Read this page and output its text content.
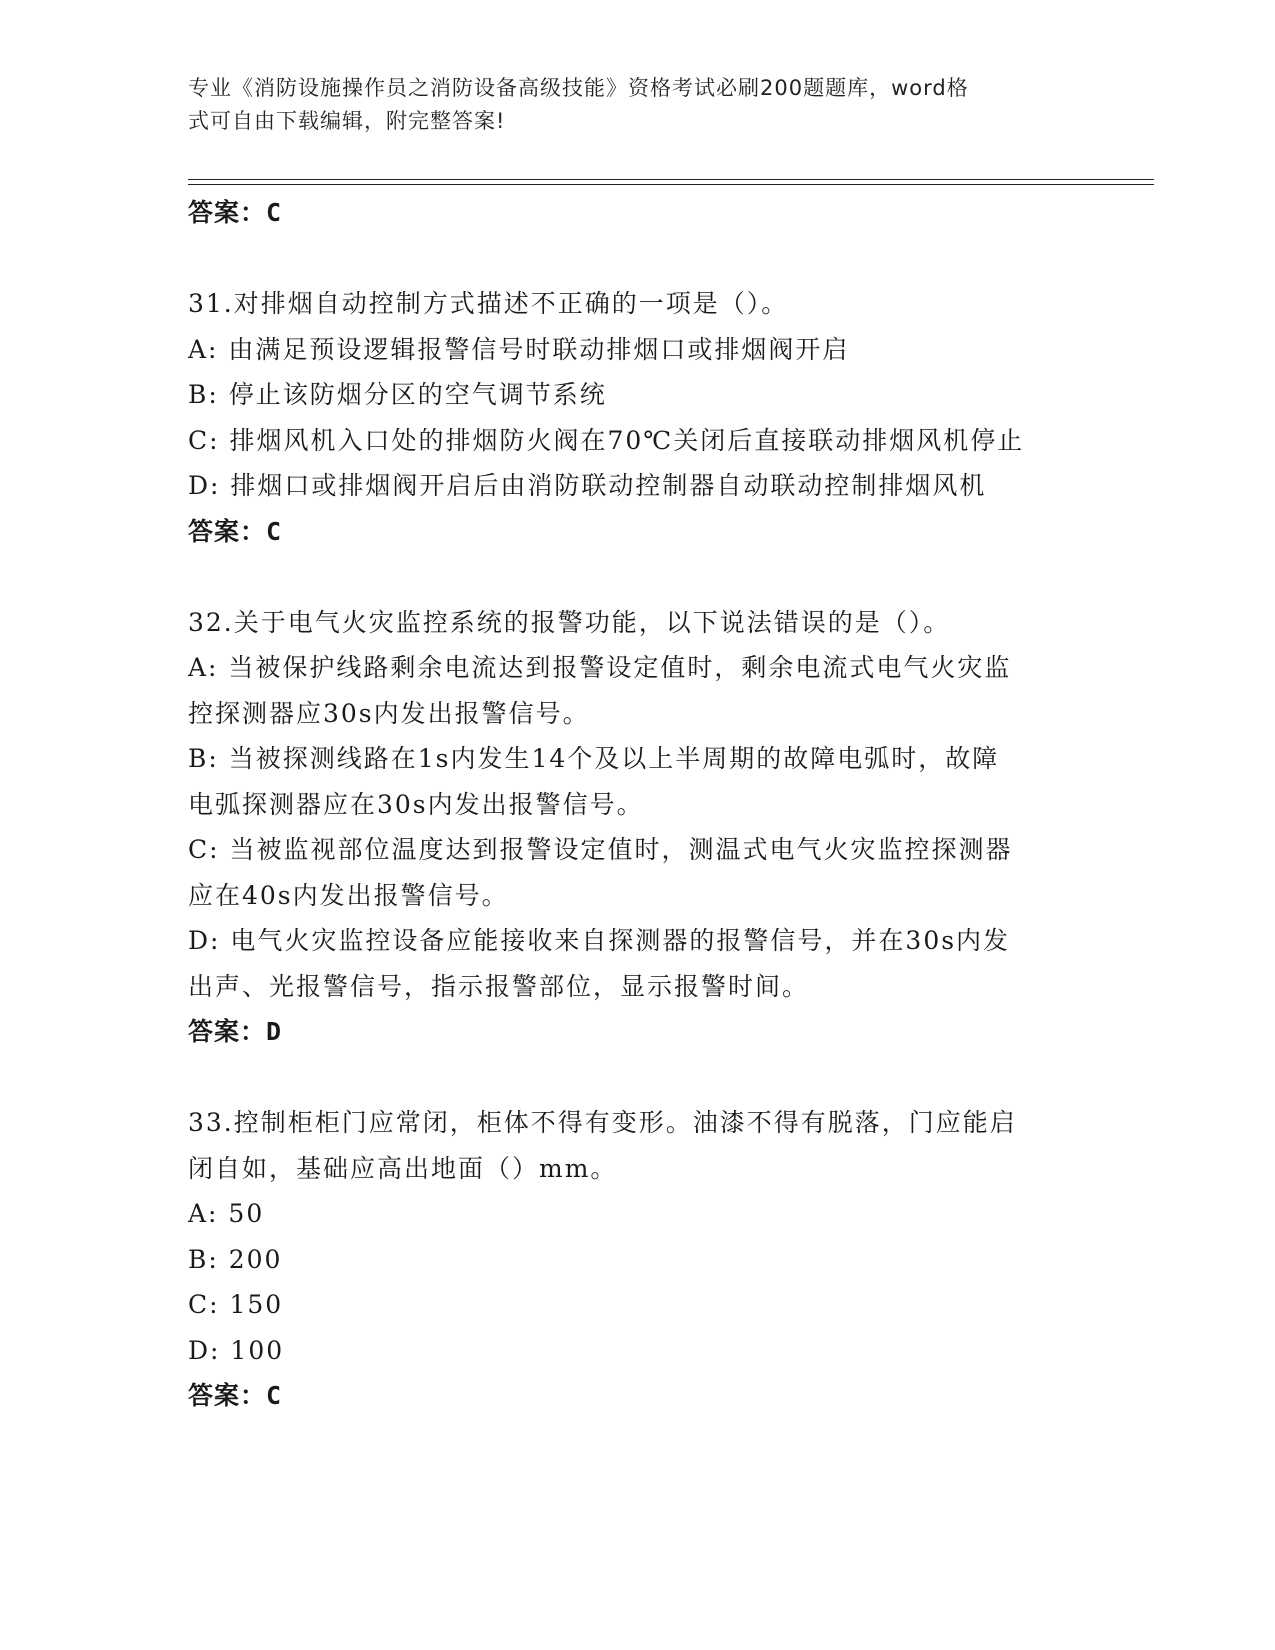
专业《消防设施操作员之消防设备高级技能》资格考试必刷200题题库，word格
式可自由下载编辑，附完整答案!
答案：C
31.对排烟自动控制方式描述不正确的一项是（）。
A: 由满足预设逻辑报警信号时联动排烟口或排烟阀开启
B: 停止该防烟分区的空气调节系统
C: 排烟风机入口处的排烟防火阀在70℃关闭后直接联动排烟风机停止
D: 排烟口或排烟阀开启后由消防联动控制器自动联动控制排烟风机
答案：C
32.关于电气火灾监控系统的报警功能，以下说法错误的是（）。
A: 当被保护线路剩余电流达到报警设定值时，剩余电流式电气火灾监
控探测器应30s内发出报警信号。
B: 当被探测线路在1s内发生14个及以上半周期的故障电弧时，故障
电弧探测器应在30s内发出报警信号。
C: 当被监视部位温度达到报警设定值时，测温式电气火灾监控探测器
应在40s内发出报警信号。
D: 电气火灾监控设备应能接收来自探测器的报警信号，并在30s内发
出声、光报警信号，指示报警部位，显示报警时间。
答案：D
33.控制柜柜门应常闭，柜体不得有变形。油漆不得有脱落，门应能启
闭自如，基础应高出地面（）mm。
A: 50
B: 200
C: 150
D: 100
答案：C
